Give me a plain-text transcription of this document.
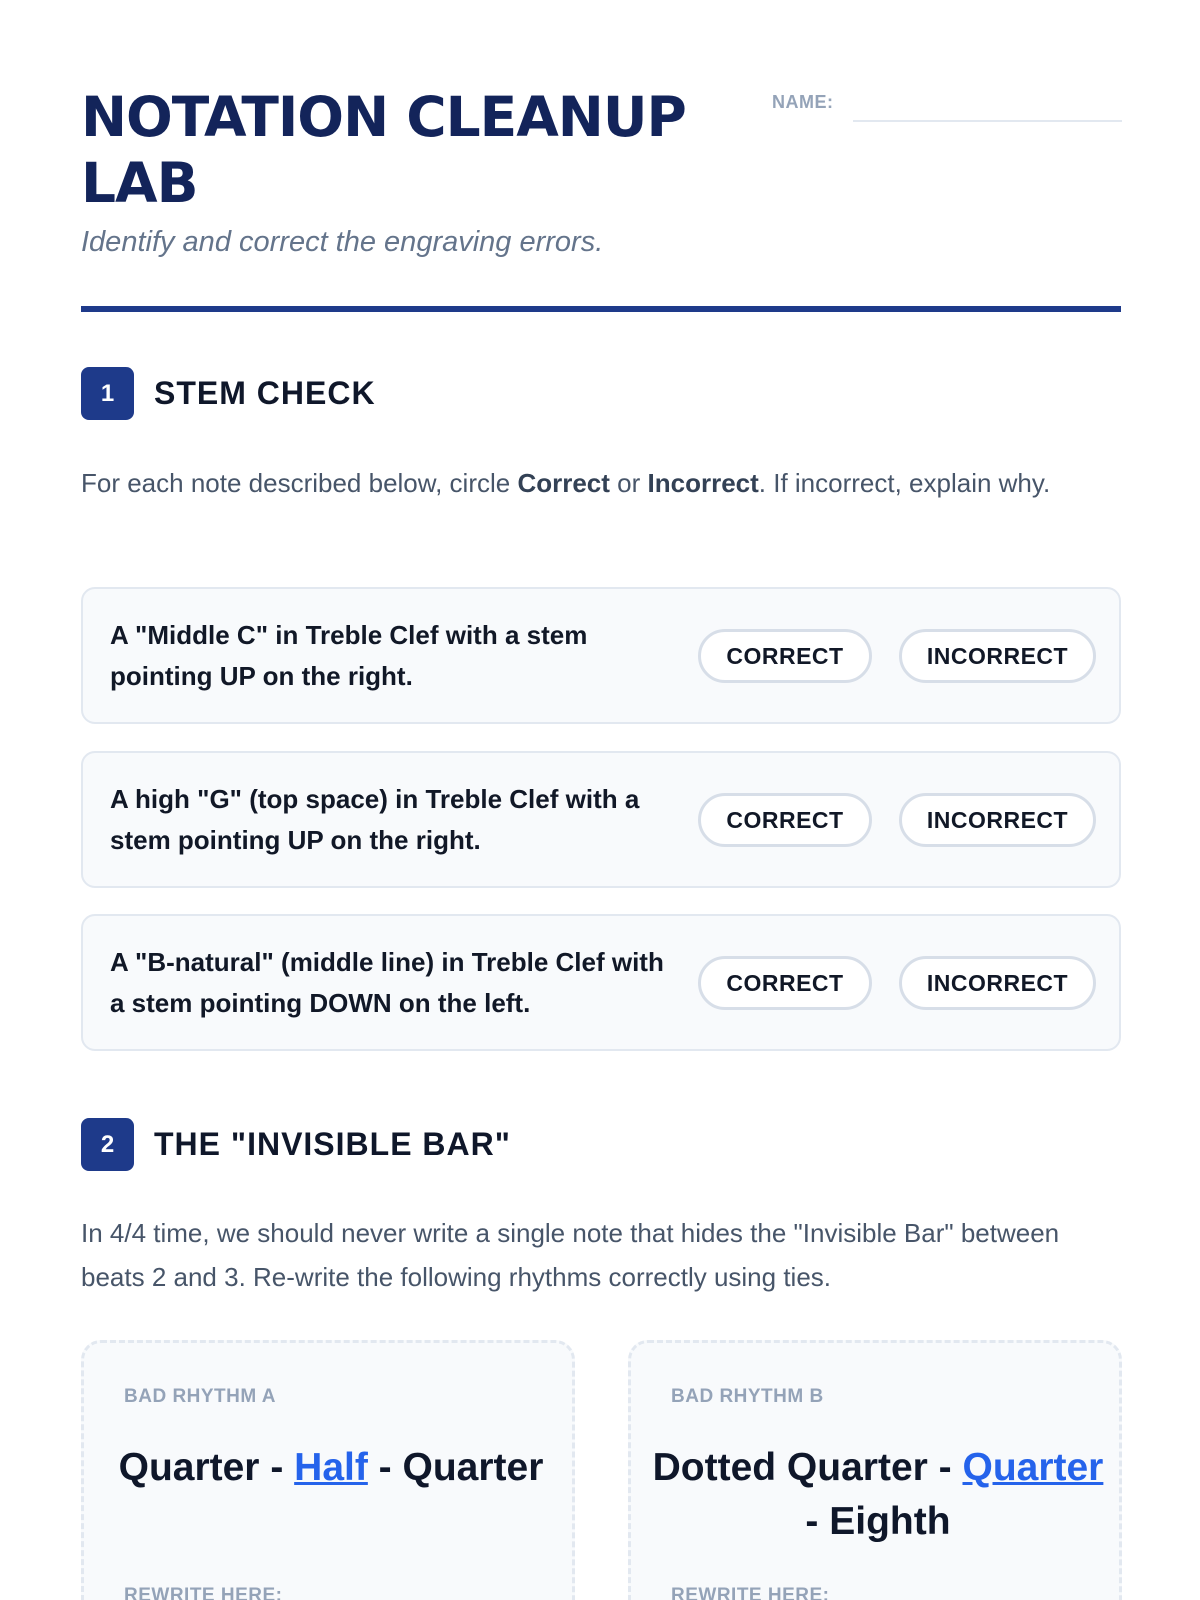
NOTATION CLEANUP LAB
NAME:
Identify and correct the engraving errors.
1	STEM CHECK
For each note described below, circle Correct or Incorrect. If incorrect, explain why.
A "Middle C" in Treble Clef with a stem pointing UP on the right.
CORRECT	INCORRECT
A high "G" (top space) in Treble Clef with a stem pointing UP on the right.
CORRECT	INCORRECT
A "B-natural" (middle line) in Treble Clef with a stem pointing DOWN on the left.
CORRECT	INCORRECT
2	THE "INVISIBLE BAR"
In 4/4 time, we should never write a single note that hides the "Invisible Bar" between beats 2 and 3. Re-write the following rhythms correctly using ties.
BAD RHYTHM A
Quarter - Half - Quarter
REWRITE HERE:
BAD RHYTHM B
Dotted Quarter - Quarter - Eighth
REWRITE HERE:
